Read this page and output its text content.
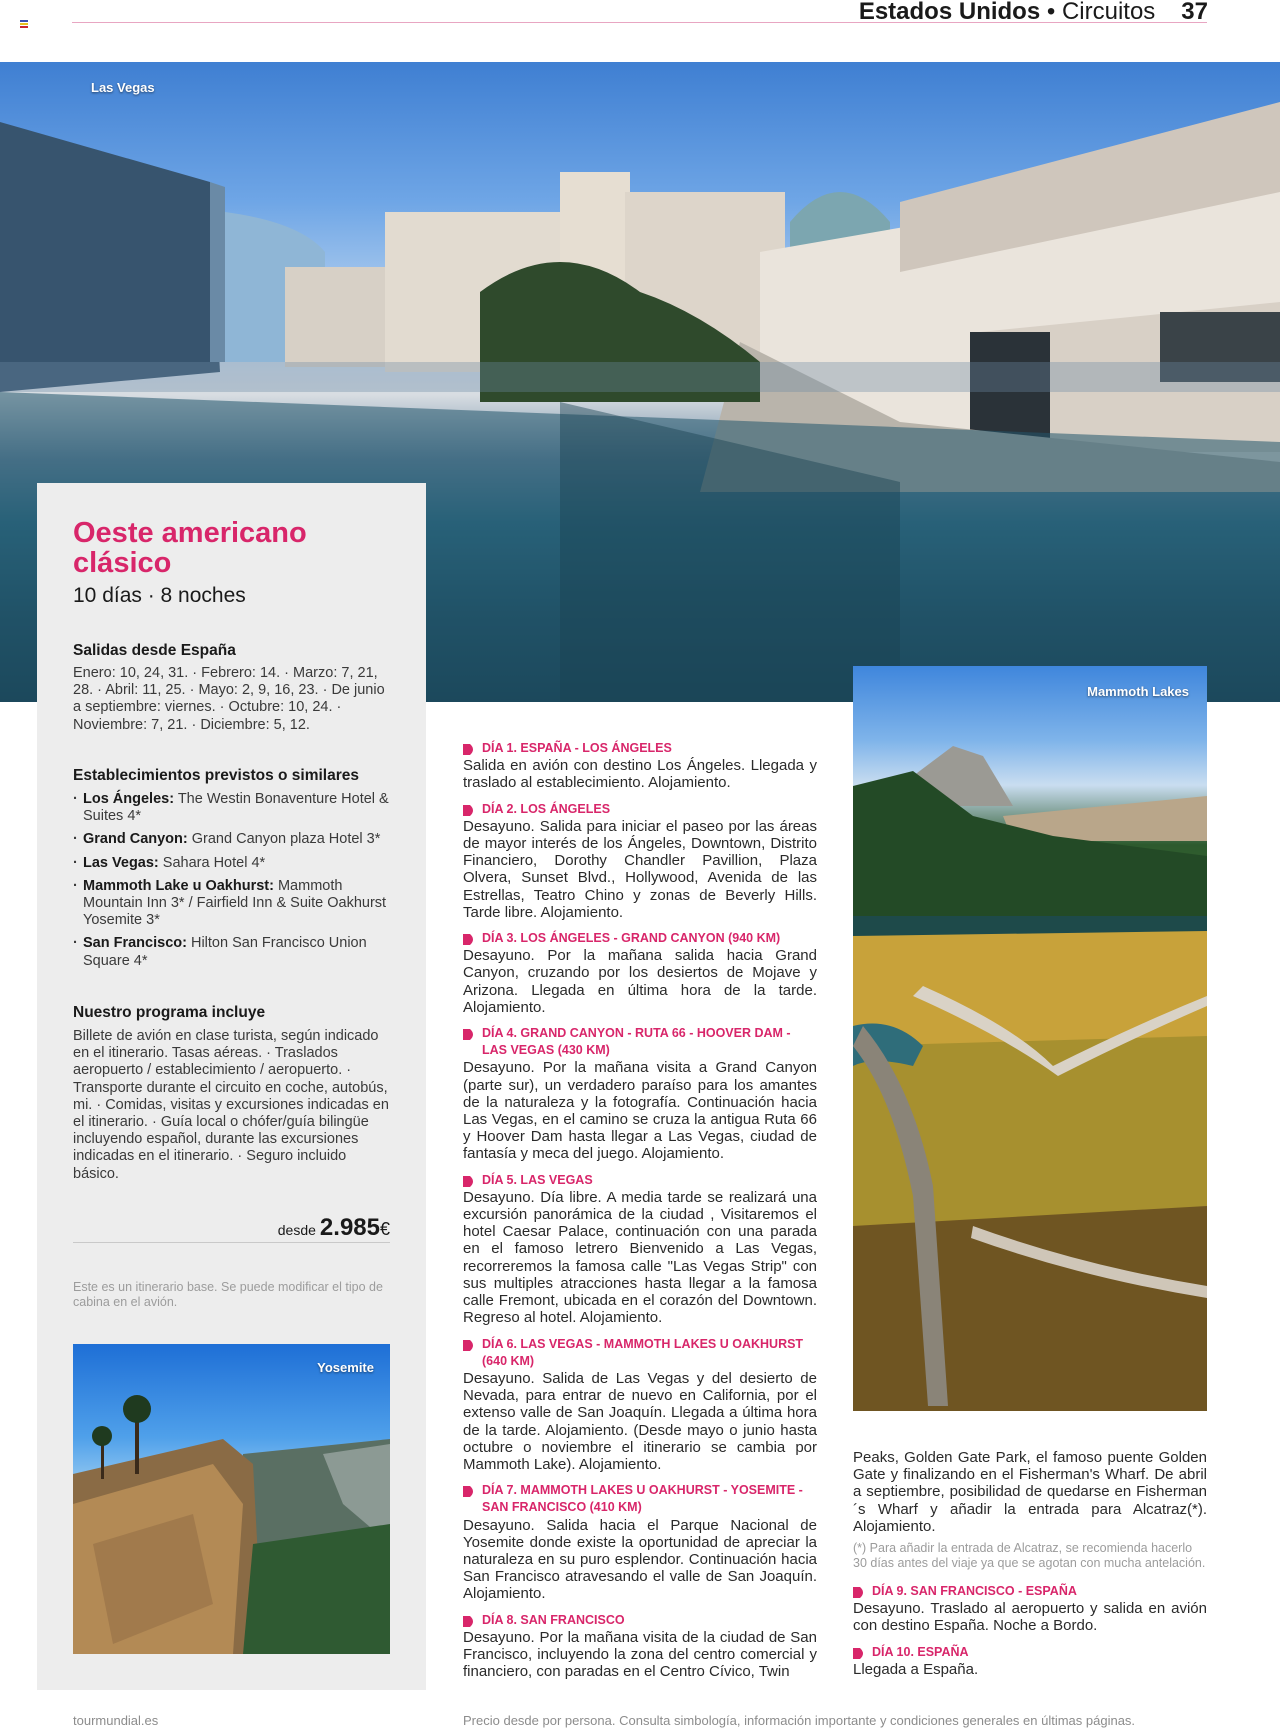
Estados Unidos • Circuitos 37
Las Vegas
Oeste americano clásico
10 días · 8 noches
Salidas desde España
Enero: 10, 24, 31. · Febrero: 14. · Marzo: 7, 21, 28. · Abril: 11, 25. · Mayo: 2, 9, 16, 23. · De junio a septiembre: viernes. · Octubre: 10, 24. · Noviembre: 7, 21. · Diciembre: 5, 12.
Establecimientos previstos o similares
· Los Ángeles: The Westin Bonaventure Hotel & Suites 4*
· Grand Canyon: Grand Canyon plaza Hotel 3*
· Las Vegas: Sahara Hotel 4*
· Mammoth Lake u Oakhurst: Mammoth Mountain Inn 3* / Fairfield Inn & Suite Oakhurst Yosemite 3*
· San Francisco: Hilton San Francisco Union Square 4*
Nuestro programa incluye
Billete de avión en clase turista, según indicado en el itinerario. Tasas aéreas. · Traslados aeropuerto / establecimiento / aeropuerto. · Transporte durante el circuito en coche, autobús, mi. · Comidas, visitas y excursiones indicadas en el itinerario. · Guía local o chófer/guía bilingüe incluyendo español, durante las excursiones indicadas en el itinerario. · Seguro incluido básico.
desde 2.985€
Este es un itinerario base. Se puede modificar el tipo de cabina en el avión.
Yosemite
Mammoth Lakes
DÍA 1. ESPAÑA - LOS ÁNGELES
Salida en avión con destino Los Ángeles. Llegada y traslado al establecimiento. Alojamiento.
DÍA 2. LOS ÁNGELES
Desayuno. Salida para iniciar el paseo por las áreas de mayor interés de los Ángeles, Downtown, Distrito Financiero, Dorothy Chandler Pavillion, Plaza Olvera, Sunset Blvd., Hollywood, Avenida de las Estrellas, Teatro Chino y zonas de Beverly Hills. Tarde libre. Alojamiento.
DÍA 3. LOS ÁNGELES - GRAND CANYON (940 KM)
Desayuno. Por la mañana salida hacia Grand Canyon, cruzando por los desiertos de Mojave y Arizona. Llegada en última hora de la tarde. Alojamiento.
DÍA 4. GRAND CANYON - RUTA 66 - HOOVER DAM - LAS VEGAS (430 KM)
Desayuno. Por la mañana visita a Grand Canyon (parte sur), un verdadero paraíso para los amantes de la naturaleza y la fotografía. Continuación hacia Las Vegas, en el camino se cruza la antigua Ruta 66 y Hoover Dam hasta llegar a Las Vegas, ciudad de fantasía y meca del juego. Alojamiento.
DÍA 5. LAS VEGAS
Desayuno. Día libre. A media tarde se realizará una excursión panorámica de la ciudad , Visitaremos el hotel Caesar Palace, continuación con una parada en el famoso letrero Bienvenido a Las Vegas, recorreremos la famosa calle "Las Vegas Strip" con sus multiples atracciones hasta llegar a la famosa calle Fremont, ubicada en el corazón del Downtown. Regreso al hotel. Alojamiento.
DÍA 6. LAS VEGAS - MAMMOTH LAKES U OAKHURST (640 KM)
Desayuno. Salida de Las Vegas y del desierto de Nevada, para entrar de nuevo en California, por el extenso valle de San Joaquín. Llegada a última hora de la tarde. Alojamiento. (Desde mayo o junio hasta octubre o noviembre el itinerario se cambia por Mammoth Lake). Alojamiento.
DÍA 7. MAMMOTH LAKES U OAKHURST - YOSEMITE - SAN FRANCISCO (410 KM)
Desayuno. Salida hacia el Parque Nacional de Yosemite donde existe la oportunidad de apreciar la naturaleza en su puro esplendor. Continuación hacia San Francisco atravesando el valle de San Joaquín. Alojamiento.
DÍA 8. SAN FRANCISCO
Desayuno. Por la mañana visita de la ciudad de San Francisco, incluyendo la zona del centro comercial y financiero, con paradas en el Centro Cívico, Twin
Peaks, Golden Gate Park, el famoso puente Golden Gate y finalizando en el Fisherman's Wharf. De abril a septiembre, posibilidad de quedarse en Fisherman´s Wharf y añadir la entrada para Alcatraz(*). Alojamiento.
(*) Para añadir la entrada de Alcatraz, se recomienda hacerlo 30 días antes del viaje ya que se agotan con mucha antelación.
DÍA 9. SAN FRANCISCO - ESPAÑA
Desayuno. Traslado al aeropuerto y salida en avión con destino España. Noche a Bordo.
DÍA 10. ESPAÑA
Llegada a España.
tourmundial.es	Precio desde por persona. Consulta simbología, información importante y condiciones generales en últimas páginas.
